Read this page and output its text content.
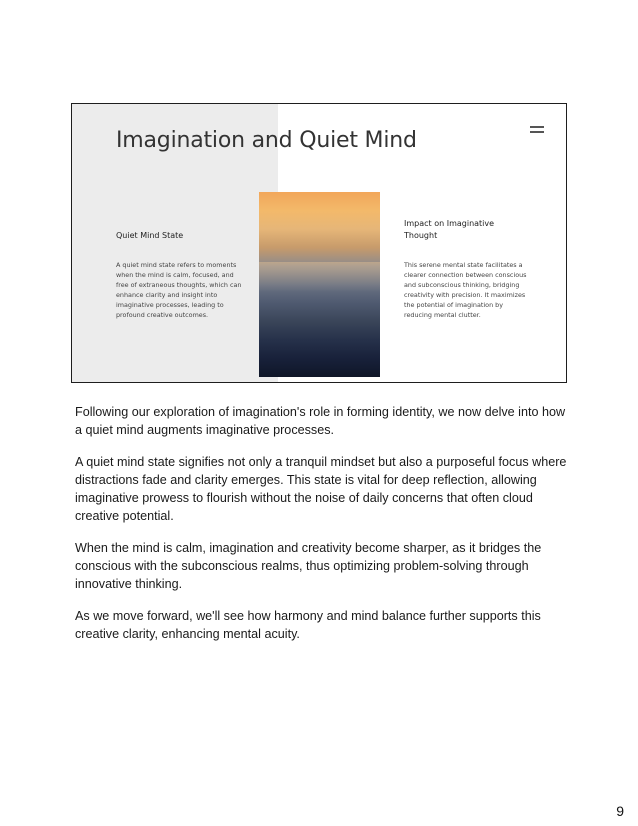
Imagination and Quiet Mind
Quiet Mind State

A quiet mind state refers to moments when the mind is calm, focused, and free of extraneous thoughts, which can enhance clarity and insight into imaginative processes, leading to profound creative outcomes.

Impact on Imaginative Thought

This serene mental state facilitates a clearer connection between conscious and subconscious thinking, bridging creativity with precision. It maximizes the potential of imagination by reducing mental clutter.

Following our exploration of imagination's role in forming identity, we now delve into how a quiet mind augments imaginative processes.

A quiet mind state signifies not only a tranquil mindset but also a purposeful focus where distractions fade and clarity emerges. This state is vital for deep reflection, allowing imaginative prowess to flourish without the noise of daily concerns that often cloud creative potential.

When the mind is calm, imagination and creativity become sharper, as it bridges the conscious with the subconscious realms, thus optimizing problem-solving through innovative thinking.

As we move forward, we'll see how harmony and mind balance further supports this creative clarity, enhancing mental acuity.

9
